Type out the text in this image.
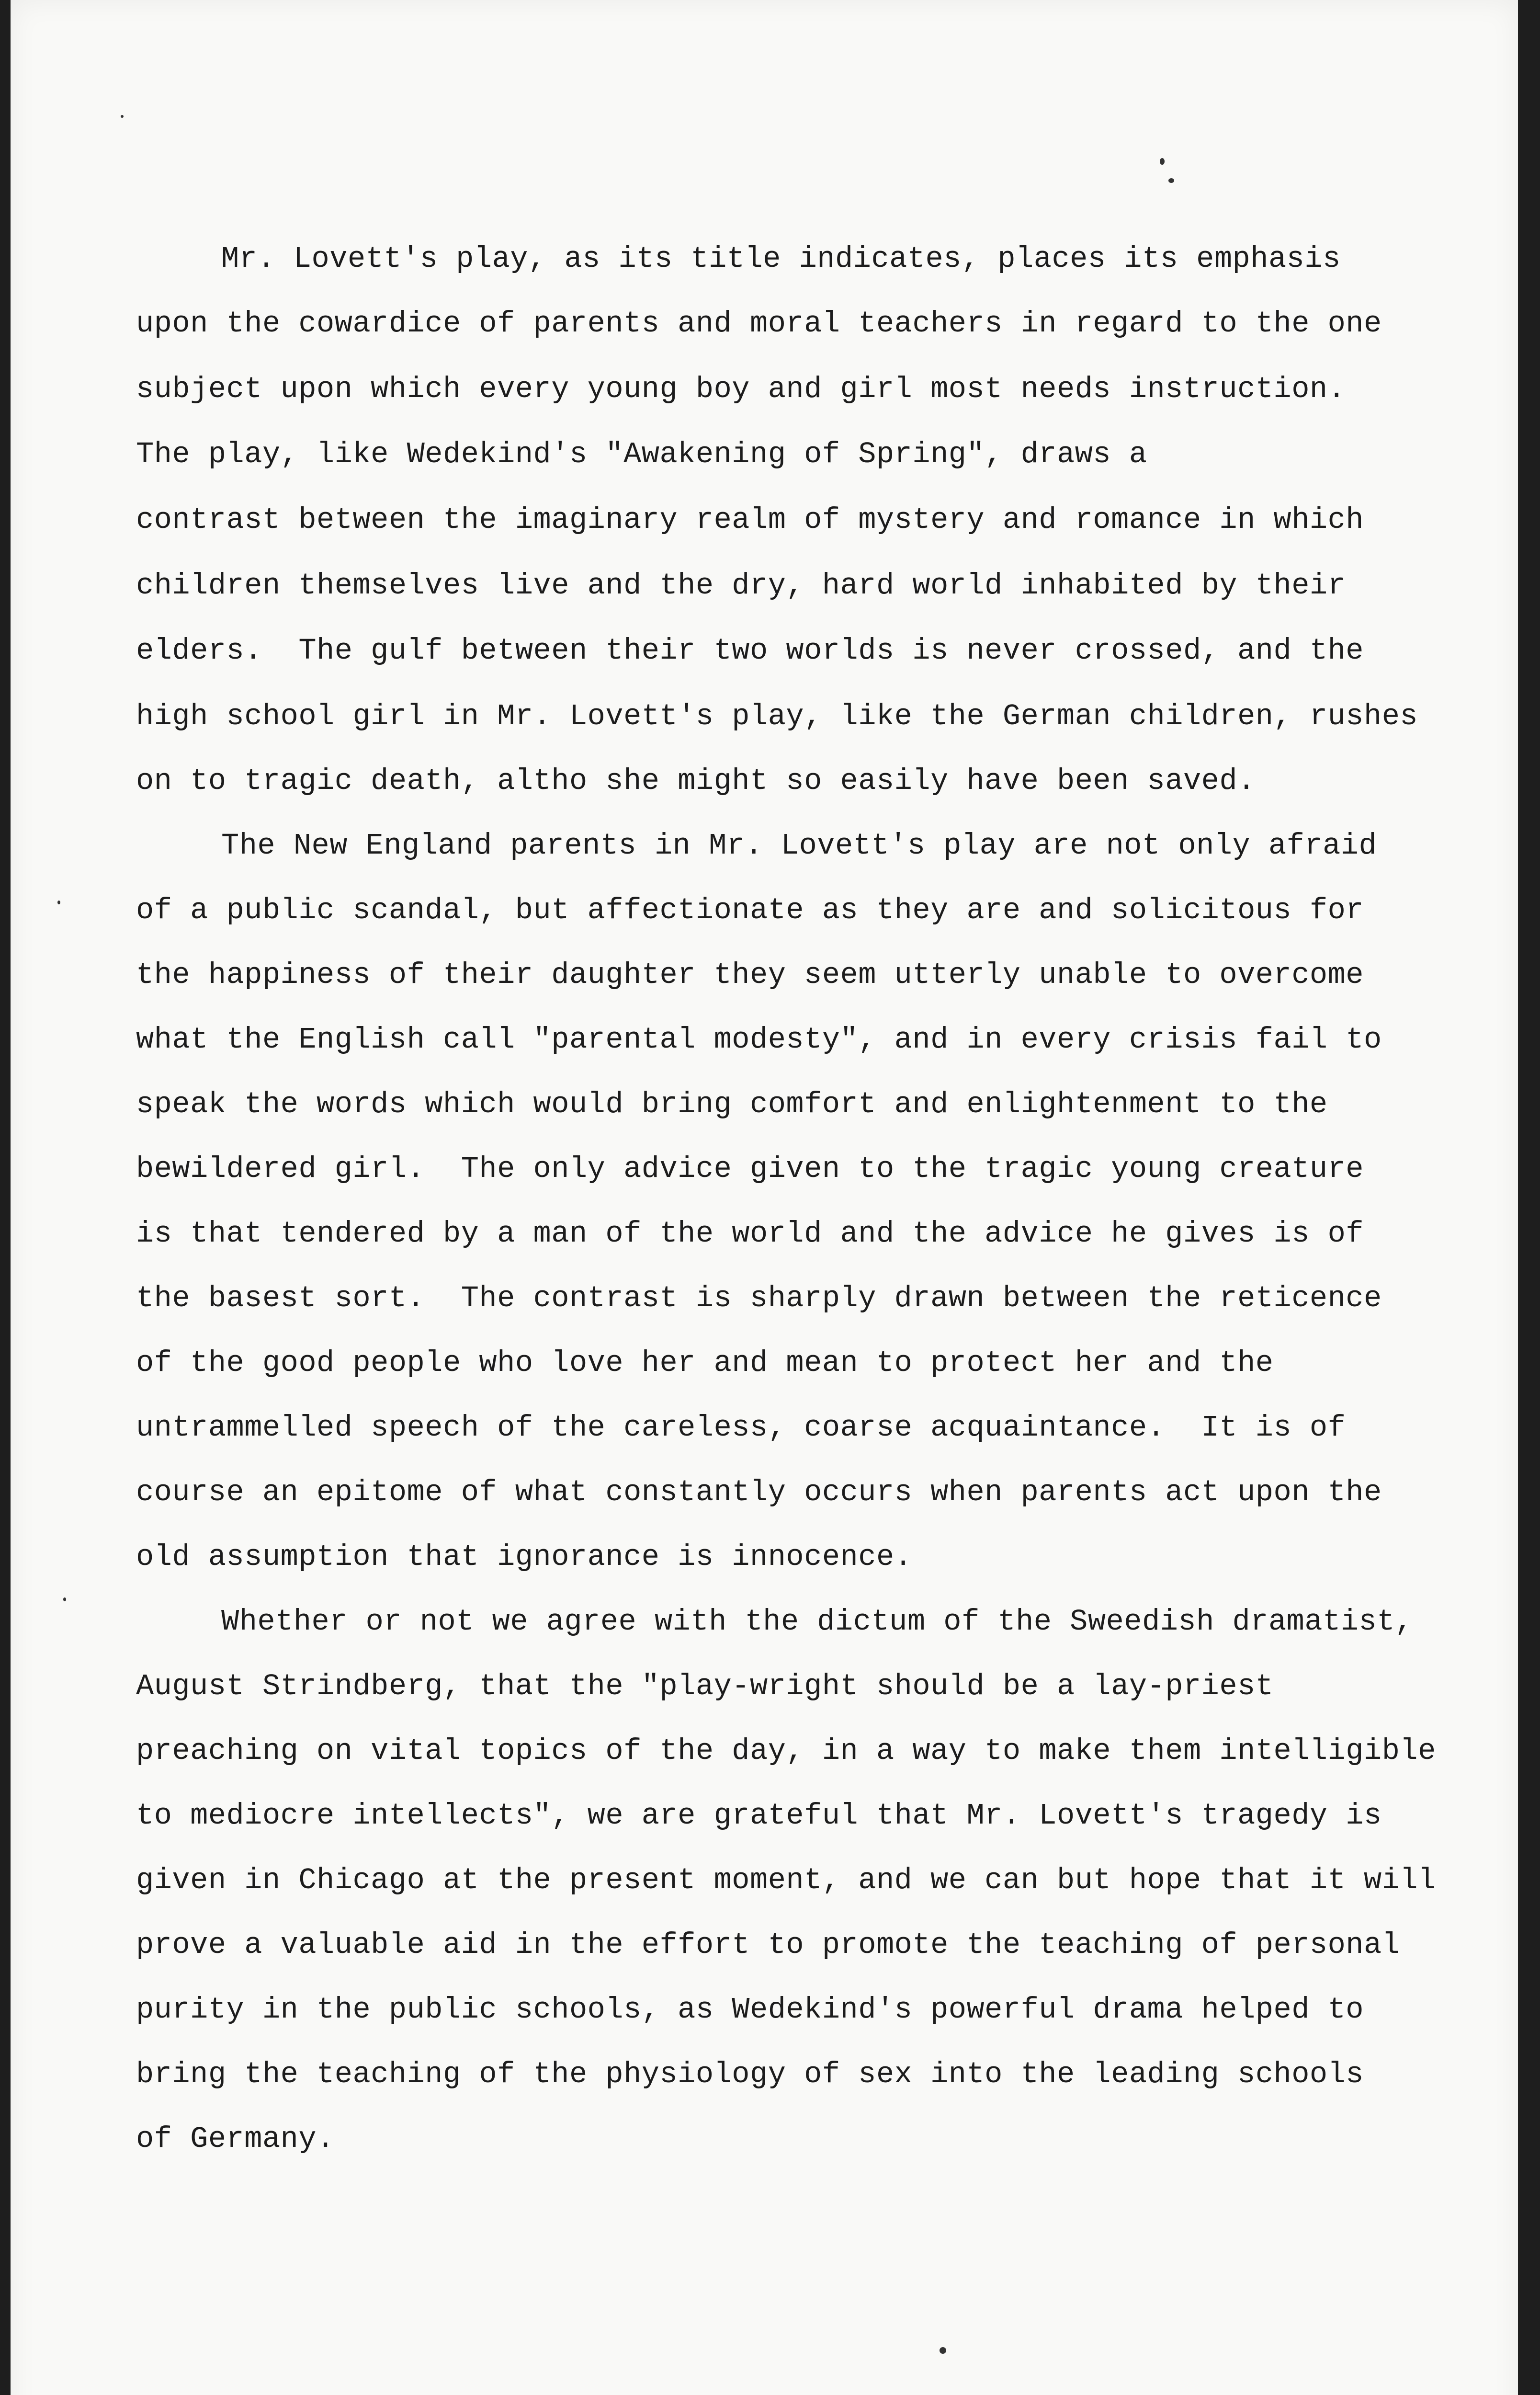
Mr. Lovett's play, as its title indicates, places its emphasis
upon the cowardice of parents and moral teachers in regard to the one
subject upon which every young boy and girl most needs instruction.
The play, like Wedekind's "Awakening of Spring", draws a
contrast between the imaginary realm of mystery and romance in which
children themselves live and the dry, hard world inhabited by their
elders.  The gulf between their two worlds is never crossed, and the
high school girl in Mr. Lovett's play, like the German children, rushes
on to tragic death, altho she might so easily have been saved.
The New England parents in Mr. Lovett's play are not only afraid
of a public scandal, but affectionate as they are and solicitous for
the happiness of their daughter they seem utterly unable to overcome
what the English call "parental modesty", and in every crisis fail to
speak the words which would bring comfort and enlightenment to the
bewildered girl.  The only advice given to the tragic young creature
is that tendered by a man of the world and the advice he gives is of
the basest sort.  The contrast is sharply drawn between the reticence
of the good people who love her and mean to protect her and the
untrammelled speech of the careless, coarse acquaintance.  It is of
course an epitome of what constantly occurs when parents act upon the
old assumption that ignorance is innocence.
Whether or not we agree with the dictum of the Sweedish dramatist,
August Strindberg, that the "play-wright should be a lay-priest
preaching on vital topics of the day, in a way to make them intelligible
to mediocre intellects", we are grateful that Mr. Lovett's tragedy is
given in Chicago at the present moment, and we can but hope that it will
prove a valuable aid in the effort to promote the teaching of personal
purity in the public schools, as Wedekind's powerful drama helped to
bring the teaching of the physiology of sex into the leading schools
of Germany.
